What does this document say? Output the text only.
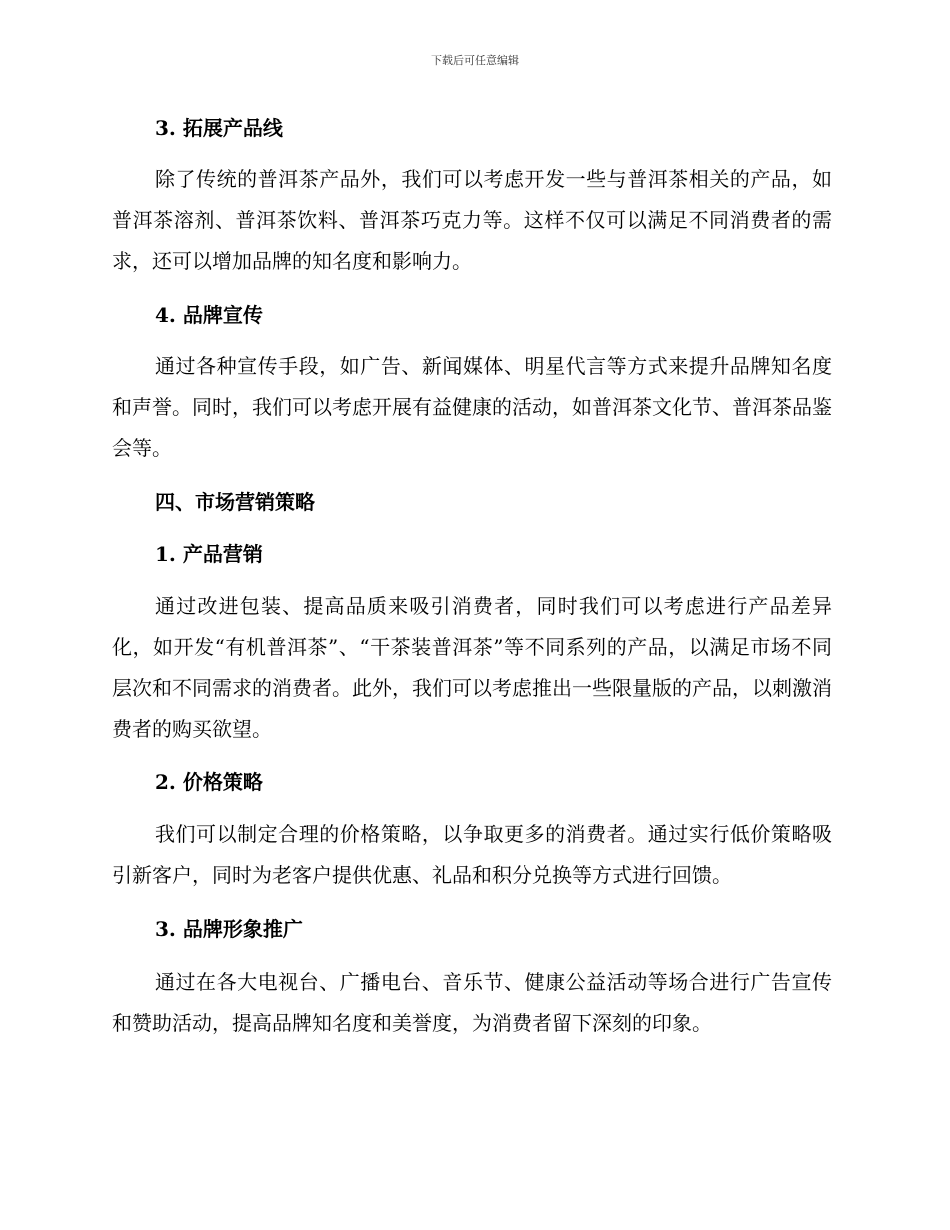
下载后可任意编辑

3. 拓展产品线

除了传统的普洱茶产品外，我们可以考虑开发一些与普洱茶相关的产品，如普洱茶溶剂、普洱茶饮料、普洱茶巧克力等。这样不仅可以满足不同消费者的需求，还可以增加品牌的知名度和影响力。

4. 品牌宣传

通过各种宣传手段，如广告、新闻媒体、明星代言等方式来提升品牌知名度和声誉。同时，我们可以考虑开展有益健康的活动，如普洱茶文化节、普洱茶品鉴会等。

四、市场营销策略

1. 产品营销

通过改进包装、提高品质来吸引消费者，同时我们可以考虑进行产品差异化，如开发“有机普洱茶”、“干茶装普洱茶”等不同系列的产品，以满足市场不同层次和不同需求的消费者。此外，我们可以考虑推出一些限量版的产品，以刺激消费者的购买欲望。

2. 价格策略

我们可以制定合理的价格策略，以争取更多的消费者。通过实行低价策略吸引新客户，同时为老客户提供优惠、礼品和积分兑换等方式进行回馈。

3. 品牌形象推广

通过在各大电视台、广播电台、音乐节、健康公益活动等场合进行广告宣传和赞助活动，提高品牌知名度和美誉度，为消费者留下深刻的印象。
